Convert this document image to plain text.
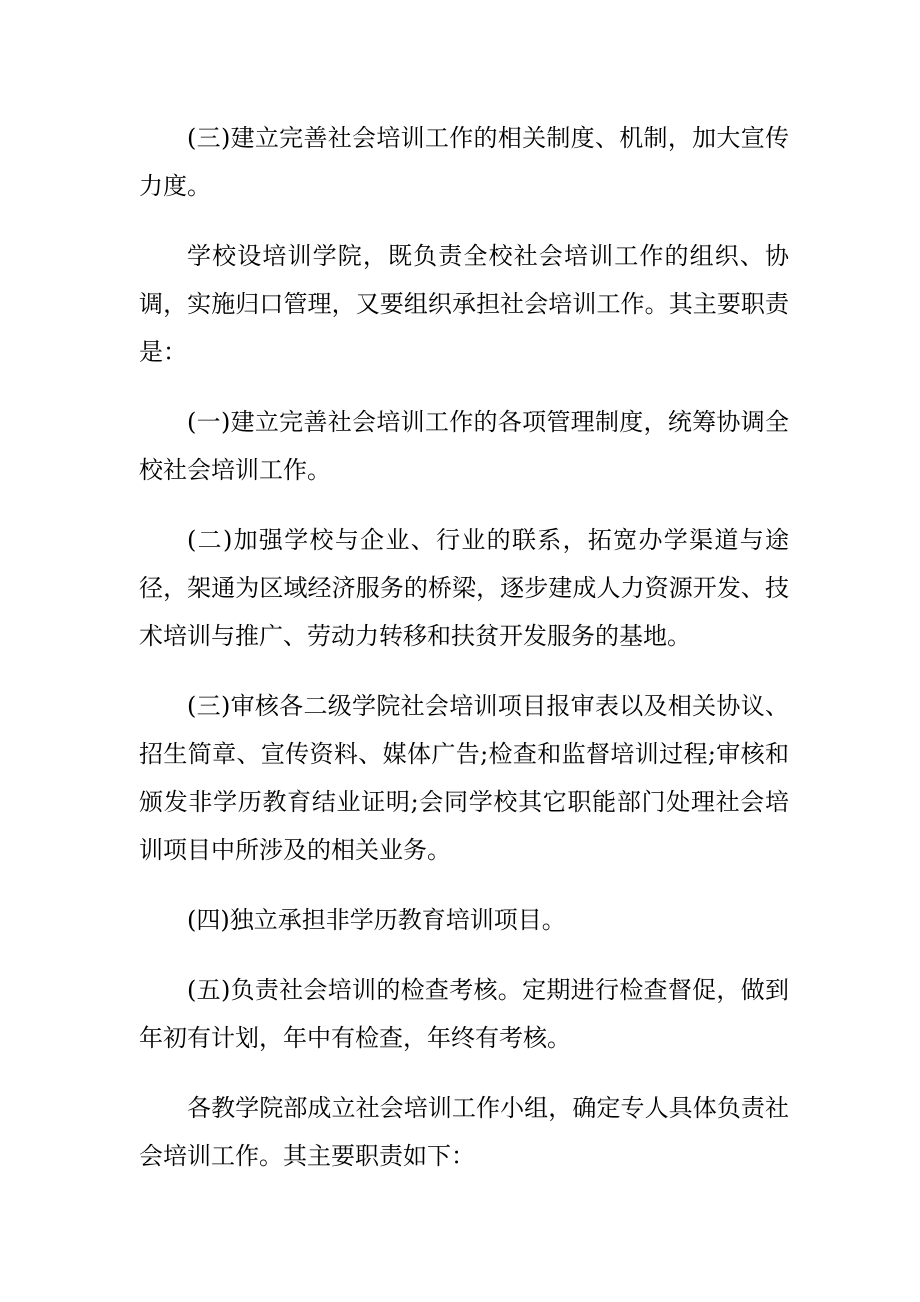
(三)建立完善社会培训工作的相关制度、机制，加大宣传力度。

学校设培训学院，既负责全校社会培训工作的组织、协调，实施归口管理，又要组织承担社会培训工作。其主要职责是：

(一)建立完善社会培训工作的各项管理制度，统筹协调全校社会培训工作。

(二)加强学校与企业、行业的联系，拓宽办学渠道与途径，架通为区域经济服务的桥梁，逐步建成人力资源开发、技术培训与推广、劳动力转移和扶贫开发服务的基地。

(三)审核各二级学院社会培训项目报审表以及相关协议、招生简章、宣传资料、媒体广告;检查和监督培训过程;审核和颁发非学历教育结业证明;会同学校其它职能部门处理社会培训项目中所涉及的相关业务。

(四)独立承担非学历教育培训项目。

(五)负责社会培训的检查考核。定期进行检查督促，做到年初有计划，年中有检查，年终有考核。

各教学院部成立社会培训工作小组，确定专人具体负责社会培训工作。其主要职责如下：
